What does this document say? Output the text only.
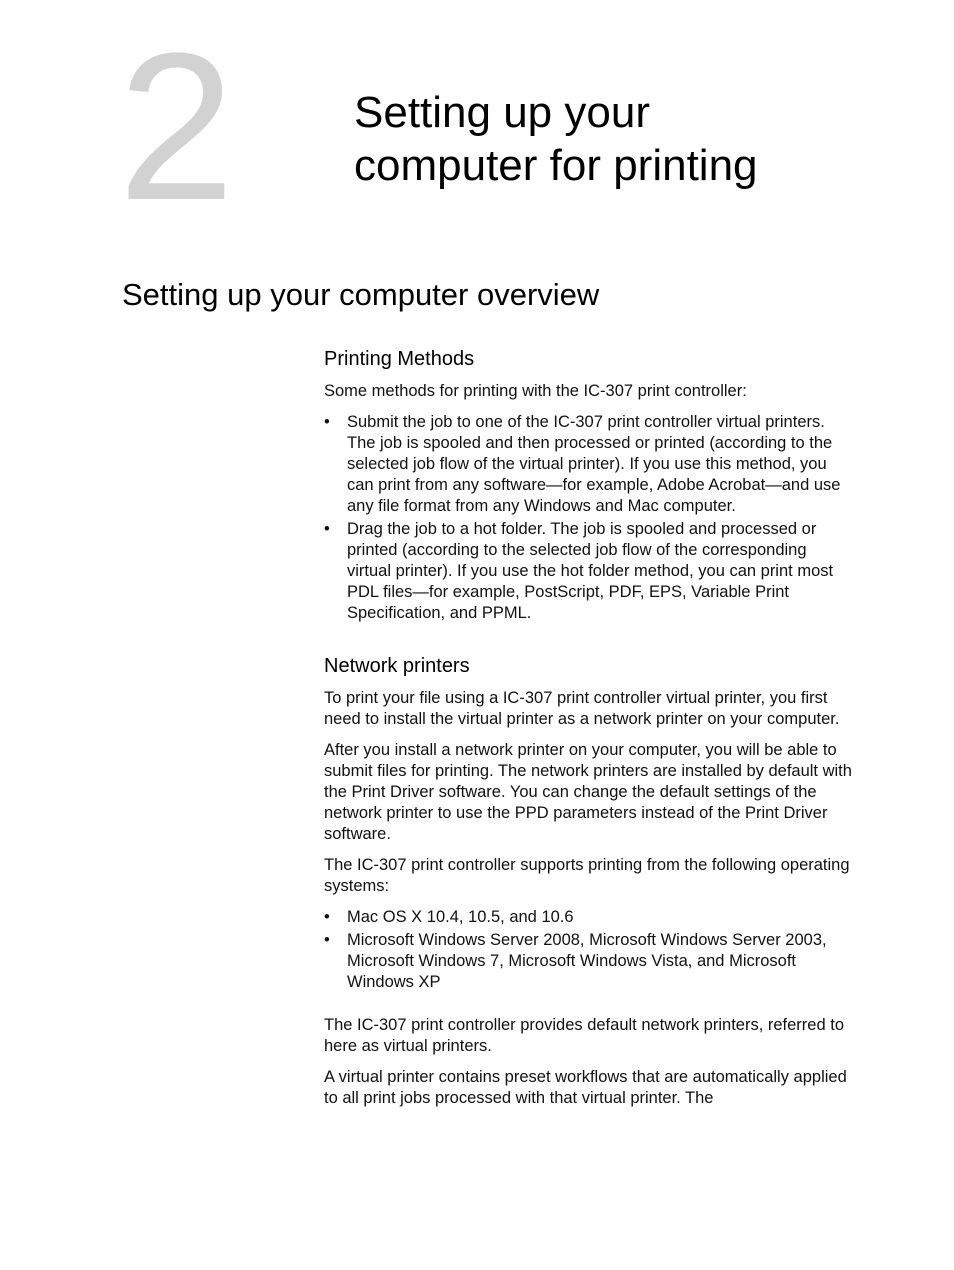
2	Setting up your
computer for printing
Setting up your computer overview
Printing Methods

Some methods for printing with the IC-307 print controller:

• Submit the job to one of the IC-307 print controller virtual printers. The job is spooled and then processed or printed (according to the selected job flow of the virtual printer). If you use this method, you can print from any software—for example, Adobe Acrobat—and use any file format from any Windows and Mac computer.
• Drag the job to a hot folder. The job is spooled and processed or printed (according to the selected job flow of the corresponding virtual printer). If you use the hot folder method, you can print most PDL files—for example, PostScript, PDF, EPS, Variable Print Specification, and PPML.
Network printers

To print your file using a IC-307 print controller virtual printer, you first need to install the virtual printer as a network printer on your computer.

After you install a network printer on your computer, you will be able to submit files for printing. The network printers are installed by default with the Print Driver software. You can change the default settings of the network printer to use the PPD parameters instead of the Print Driver software.

The IC-307 print controller supports printing from the following operating systems:

• Mac OS X 10.4, 10.5, and 10.6
• Microsoft Windows Server 2008, Microsoft Windows Server 2003, Microsoft Windows 7, Microsoft Windows Vista, and Microsoft Windows XP

The IC-307 print controller provides default network printers, referred to here as virtual printers.

A virtual printer contains preset workflows that are automatically applied to all print jobs processed with that virtual printer. The
